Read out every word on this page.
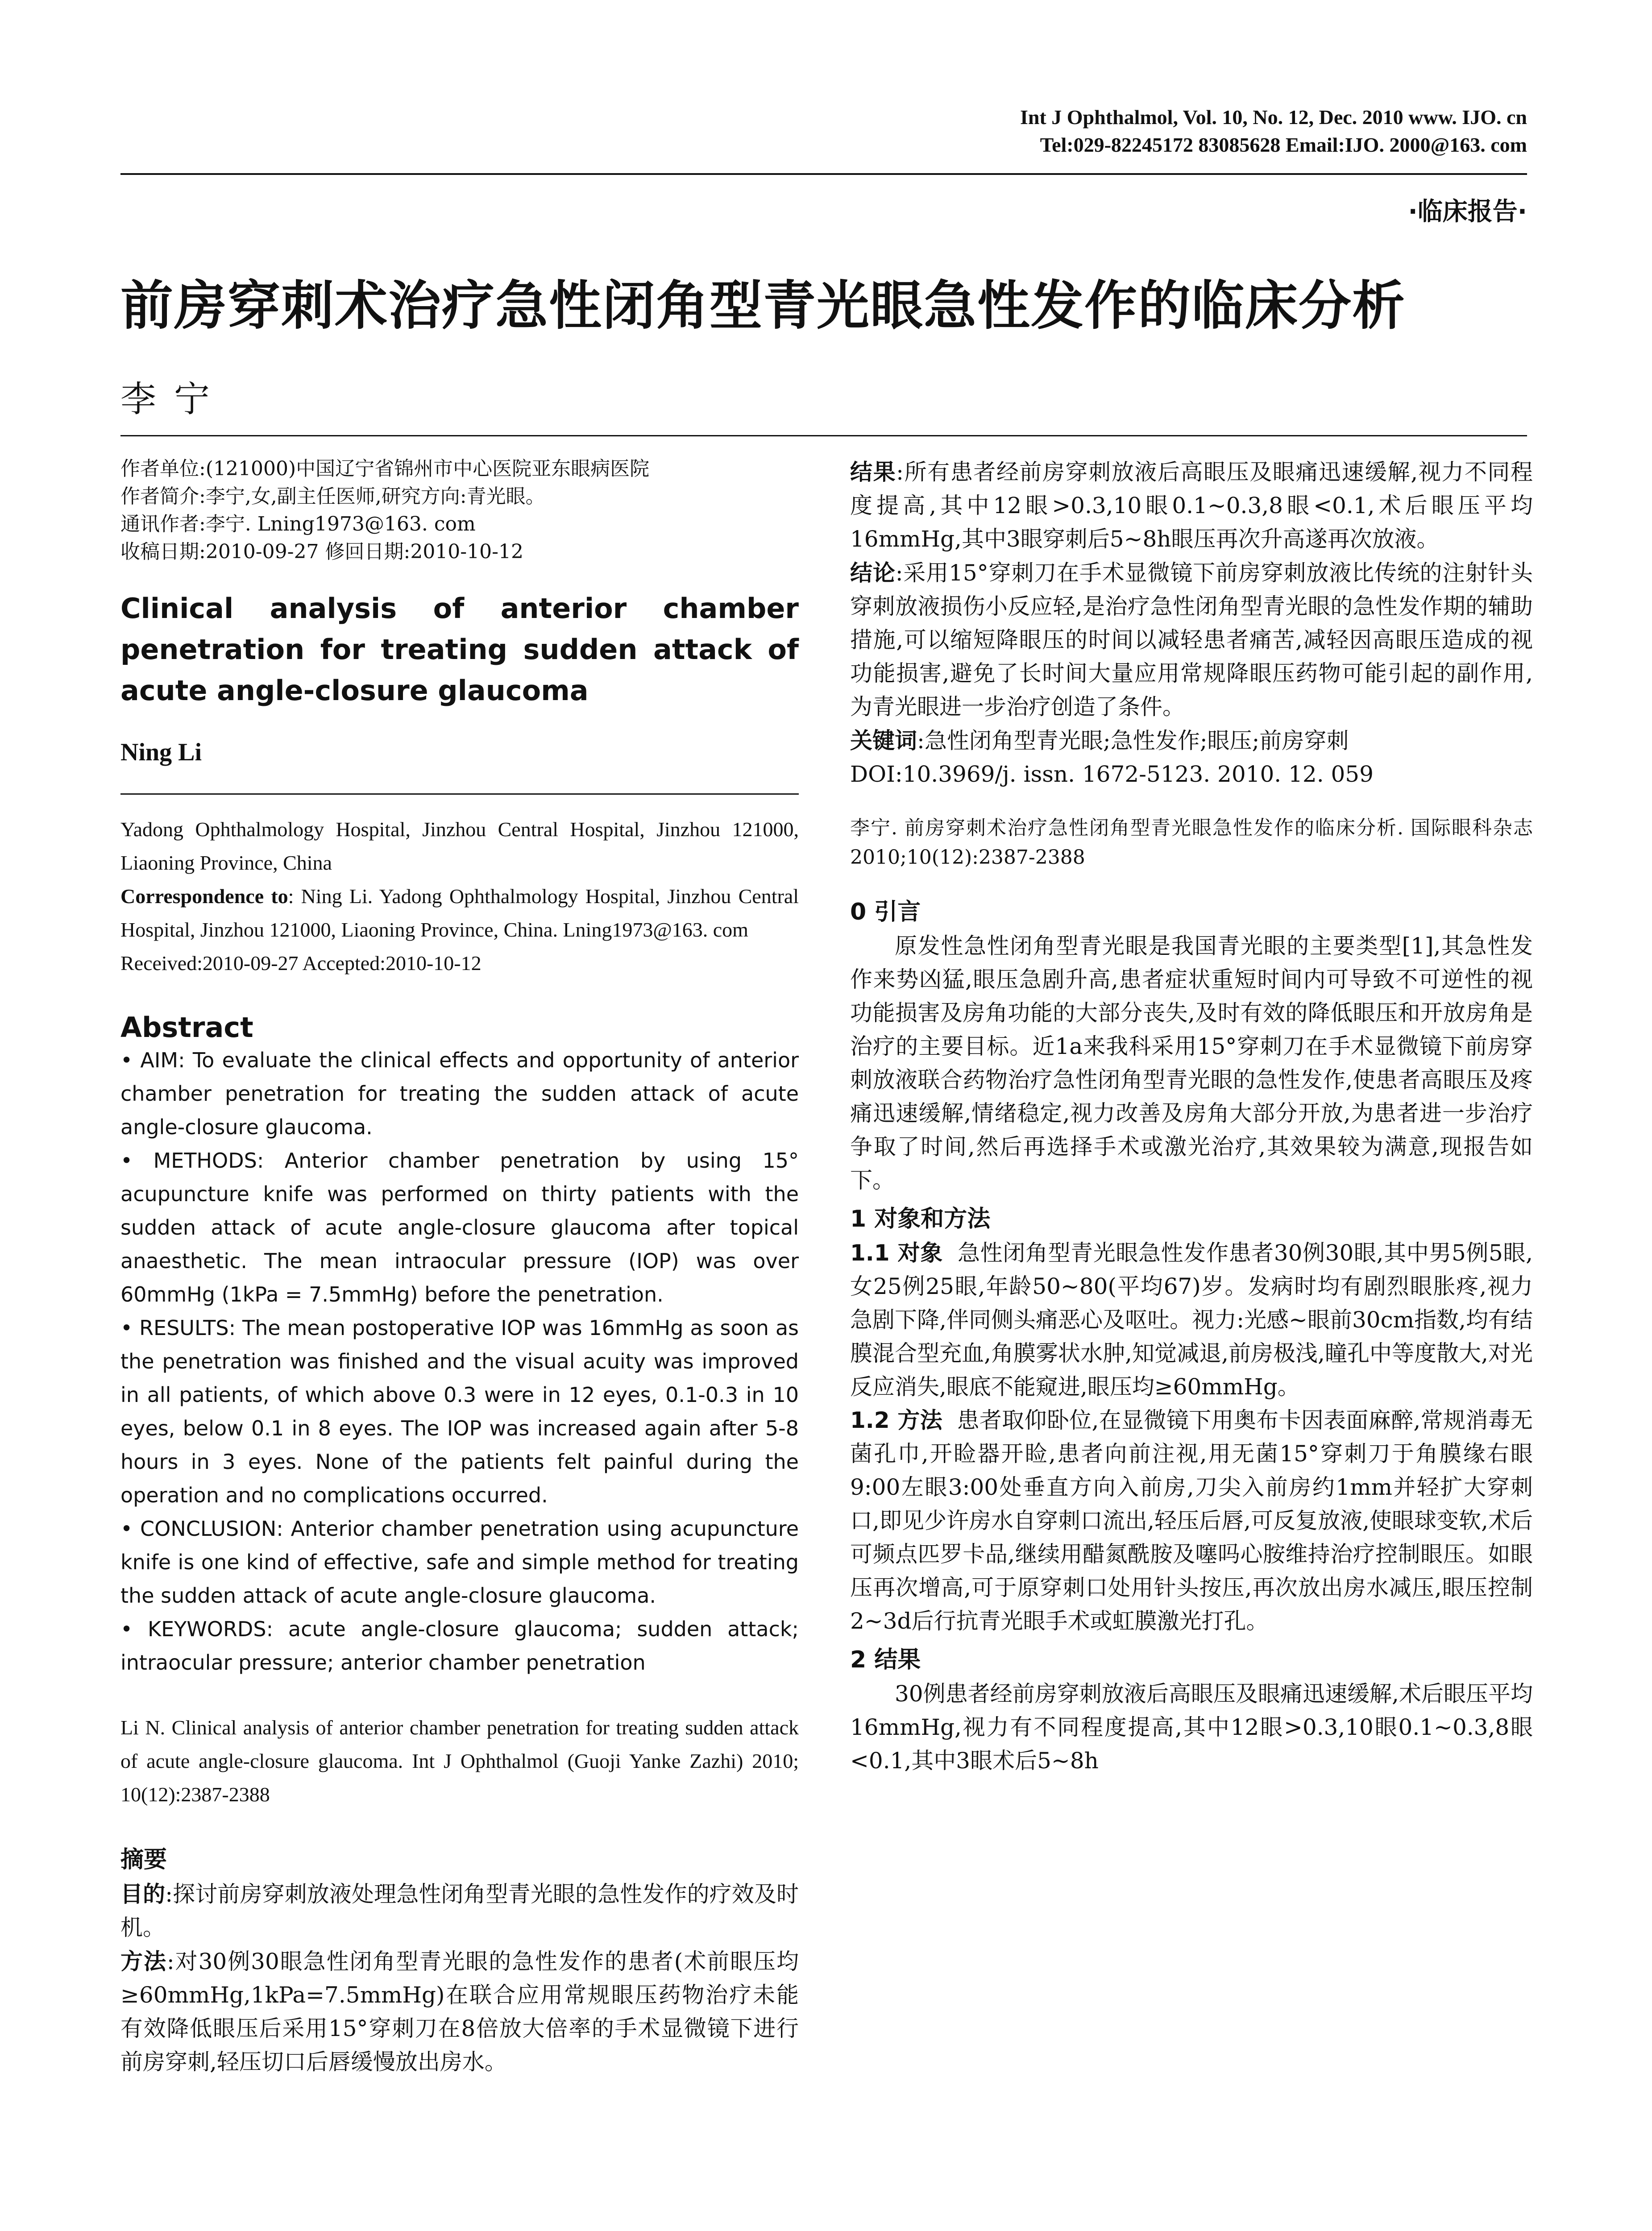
Int J Ophthalmol, Vol. 10, No. 12, Dec. 2010 www. IJO. cn
Tel:029-82245172 83085628 Email:IJO. 2000@163. com
·临床报告·
前房穿刺术治疗急性闭角型青光眼急性发作的临床分析
李宁
作者单位:(121000)中国辽宁省锦州市中心医院亚东眼病医院
作者简介:李宁,女,副主任医师,研究方向:青光眼。
通讯作者:李宁. Lning1973@163. com
收稿日期:2010-09-27 修回日期:2010-10-12
Clinical analysis of anterior chamber penetration for treating sudden attack of acute angle-closure glaucoma
Ning Li
Yadong Ophthalmology Hospital, Jinzhou Central Hospital, Jinzhou 121000, Liaoning Province, China
Correspondence to: Ning Li. Yadong Ophthalmology Hospital, Jinzhou Central Hospital, Jinzhou 121000, Liaoning Province, China. Lning1973@163. com
Received:2010-09-27 Accepted:2010-10-12
Abstract
• AIM: To evaluate the clinical effects and opportunity of anterior chamber penetration for treating the sudden attack of acute angle-closure glaucoma.
• METHODS: Anterior chamber penetration by using 15° acupuncture knife was performed on thirty patients with the sudden attack of acute angle-closure glaucoma after topical anaesthetic. The mean intraocular pressure (IOP) was over 60mmHg (1kPa = 7.5mmHg) before the penetration.
• RESULTS: The mean postoperative IOP was 16mmHg as soon as the penetration was finished and the visual acuity was improved in all patients, of which above 0.3 were in 12 eyes, 0.1-0.3 in 10 eyes, below 0.1 in 8 eyes. The IOP was increased again after 5-8 hours in 3 eyes. None of the patients felt painful during the operation and no complications occurred.
• CONCLUSION: Anterior chamber penetration using acupuncture knife is one kind of effective, safe and simple method for treating the sudden attack of acute angle-closure glaucoma.
• KEYWORDS: acute angle-closure glaucoma; sudden attack; intraocular pressure; anterior chamber penetration
Li N. Clinical analysis of anterior chamber penetration for treating sudden attack of acute angle-closure glaucoma. Int J Ophthalmol (Guoji Yanke Zazhi) 2010; 10(12):2387-2388
摘要
目的:探讨前房穿刺放液处理急性闭角型青光眼的急性发作的疗效及时机。
方法:对30例30眼急性闭角型青光眼的急性发作的患者(术前眼压均≥60mmHg,1kPa=7.5mmHg)在联合应用常规眼压药物治疗未能有效降低眼压后采用15°穿刺刀在8倍放大倍率的手术显微镜下进行前房穿刺,轻压切口后唇缓慢放出房水。
结果:所有患者经前房穿刺放液后高眼压及眼痛迅速缓解,视力不同程度提高,其中12眼>0.3,10眼0.1~0.3,8眼<0.1,术后眼压平均16mmHg,其中3眼穿刺后5~8h眼压再次升高遂再次放液。
结论:采用15°穿刺刀在手术显微镜下前房穿刺放液比传统的注射针头穿刺放液损伤小反应轻,是治疗急性闭角型青光眼的急性发作期的辅助措施,可以缩短降眼压的时间以减轻患者痛苦,减轻因高眼压造成的视功能损害,避免了长时间大量应用常规降眼压药物可能引起的副作用,为青光眼进一步治疗创造了条件。
关键词:急性闭角型青光眼;急性发作;眼压;前房穿刺
DOI:10.3969/j. issn. 1672-5123. 2010. 12. 059
李宁. 前房穿刺术治疗急性闭角型青光眼急性发作的临床分析. 国际眼科杂志 2010;10(12):2387-2388
0 引言
原发性急性闭角型青光眼是我国青光眼的主要类型[1],其急性发作来势凶猛,眼压急剧升高,患者症状重短时间内可导致不可逆性的视功能损害及房角功能的大部分丧失,及时有效的降低眼压和开放房角是治疗的主要目标。近1a来我科采用15°穿刺刀在手术显微镜下前房穿刺放液联合药物治疗急性闭角型青光眼的急性发作,使患者高眼压及疼痛迅速缓解,情绪稳定,视力改善及房角大部分开放,为患者进一步治疗争取了时间,然后再选择手术或激光治疗,其效果较为满意,现报告如下。
1 对象和方法
1.1 对象 急性闭角型青光眼急性发作患者30例30眼,其中男5例5眼,女25例25眼,年龄50~80(平均67)岁。发病时均有剧烈眼胀疼,视力急剧下降,伴同侧头痛恶心及呕吐。视力:光感~眼前30cm指数,均有结膜混合型充血,角膜雾状水肿,知觉减退,前房极浅,瞳孔中等度散大,对光反应消失,眼底不能窥进,眼压均≥60mmHg。
1.2 方法 患者取仰卧位,在显微镜下用奥布卡因表面麻醉,常规消毒无菌孔巾,开睑器开睑,患者向前注视,用无菌15°穿刺刀于角膜缘右眼9:00左眼3:00处垂直方向入前房,刀尖入前房约1mm并轻扩大穿刺口,即见少许房水自穿刺口流出,轻压后唇,可反复放液,使眼球变软,术后可频点匹罗卡品,继续用醋氮酰胺及噻吗心胺维持治疗控制眼压。如眼压再次增高,可于原穿刺口处用针头按压,再次放出房水减压,眼压控制2~3d后行抗青光眼手术或虹膜激光打孔。
2 结果
30例患者经前房穿刺放液后高眼压及眼痛迅速缓解,术后眼压平均16mmHg,视力有不同程度提高,其中12眼>0.3,10眼0.1~0.3,8眼<0.1,其中3眼术后5~8h
